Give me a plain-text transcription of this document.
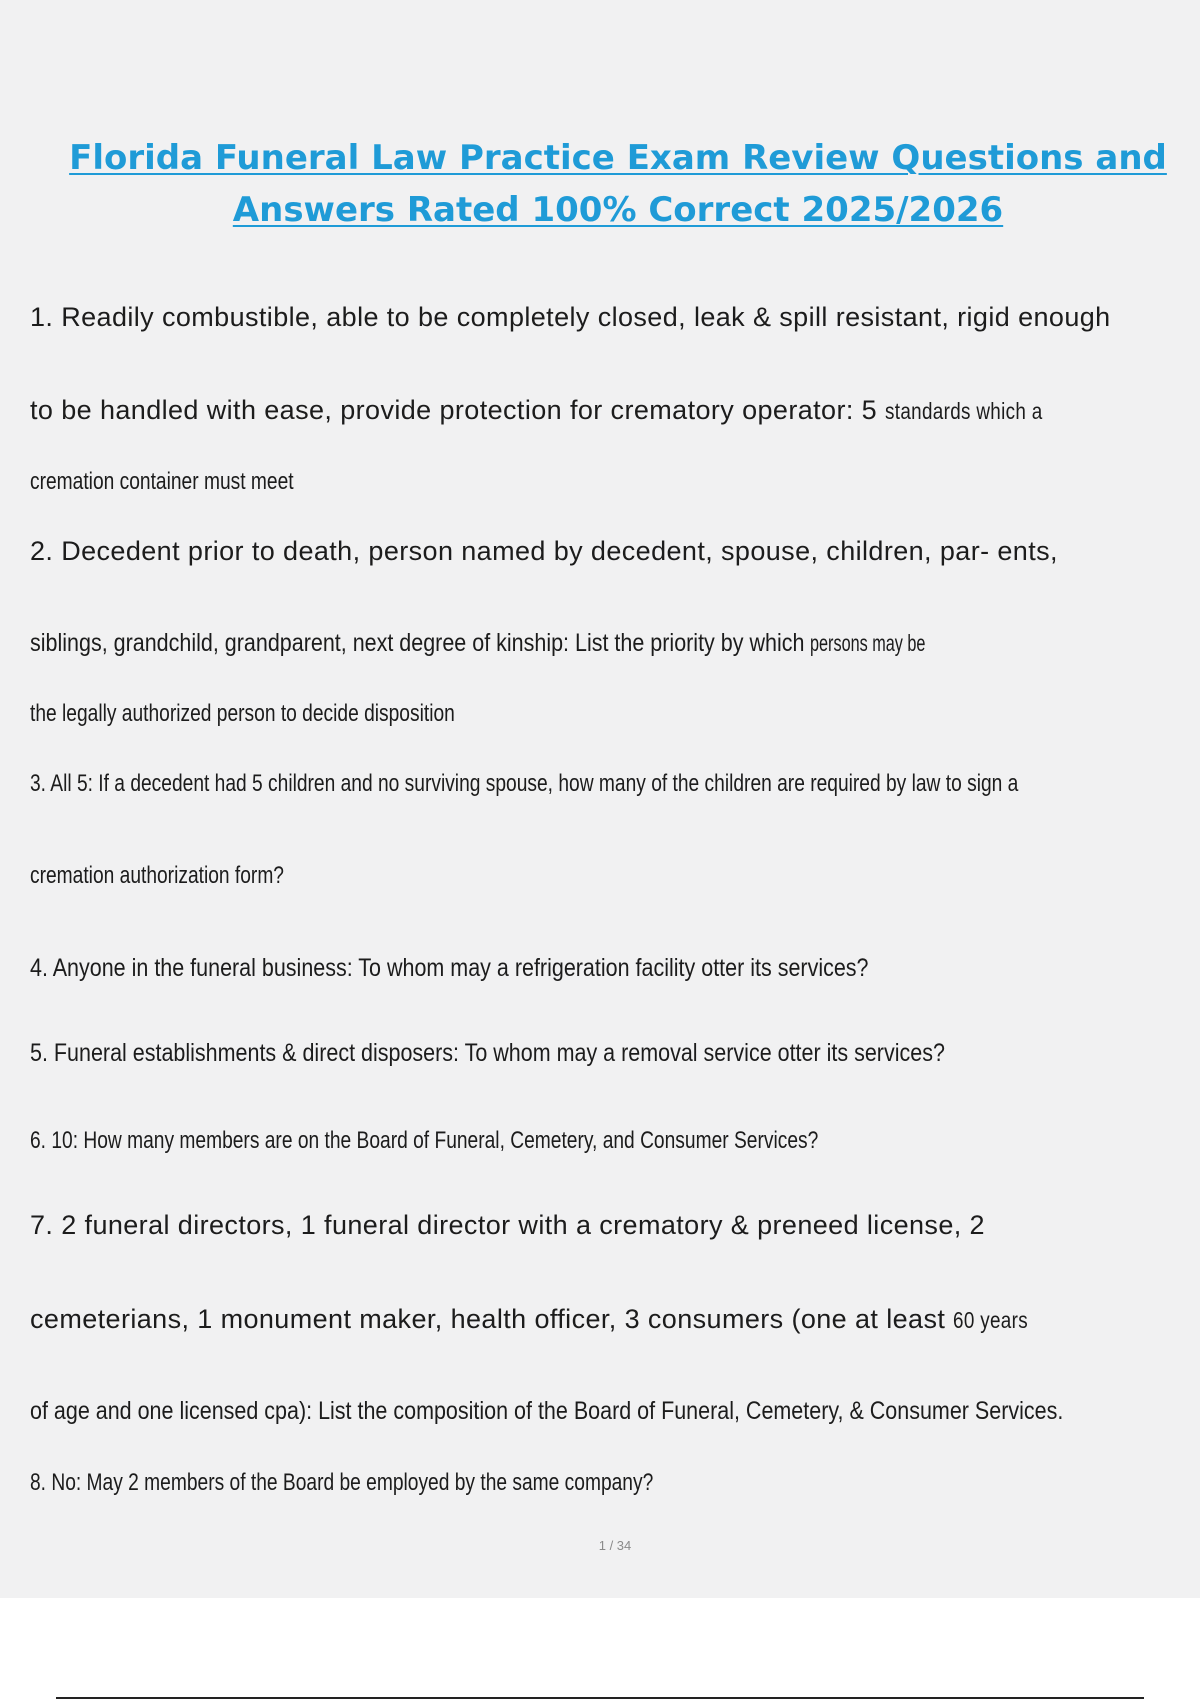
Florida Funeral Law Practice Exam Review Questions and
Answers Rated 100% Correct 2025/2026
1. Readily combustible, able to be completely closed, leak & spill resistant, rigid enough
to be handled with ease, provide protection for crematory operator: 5 standards which a
cremation container must meet
2. Decedent prior to death, person named by decedent, spouse, children, par- ents,
siblings, grandchild, grandparent, next degree of kinship: List the priority by which persons may be
the legally authorized person to decide disposition
3. All 5: If a decedent had 5 children and no surviving spouse, how many of the children are required by law to sign a
cremation authorization form?
4. Anyone in the funeral business: To whom may a refrigeration facility otter its services?
5. Funeral establishments & direct disposers: To whom may a removal service otter its services?
6. 10: How many members are on the Board of Funeral, Cemetery, and Consumer Services?
7. 2 funeral directors, 1 funeral director with a crematory & preneed license, 2
cemeterians, 1 monument maker, health officer, 3 consumers (one at least 60 years
of age and one licensed cpa): List the composition of the Board of Funeral, Cemetery, & Consumer Services.
8. No: May 2 members of the Board be employed by the same company?
1 / 34
